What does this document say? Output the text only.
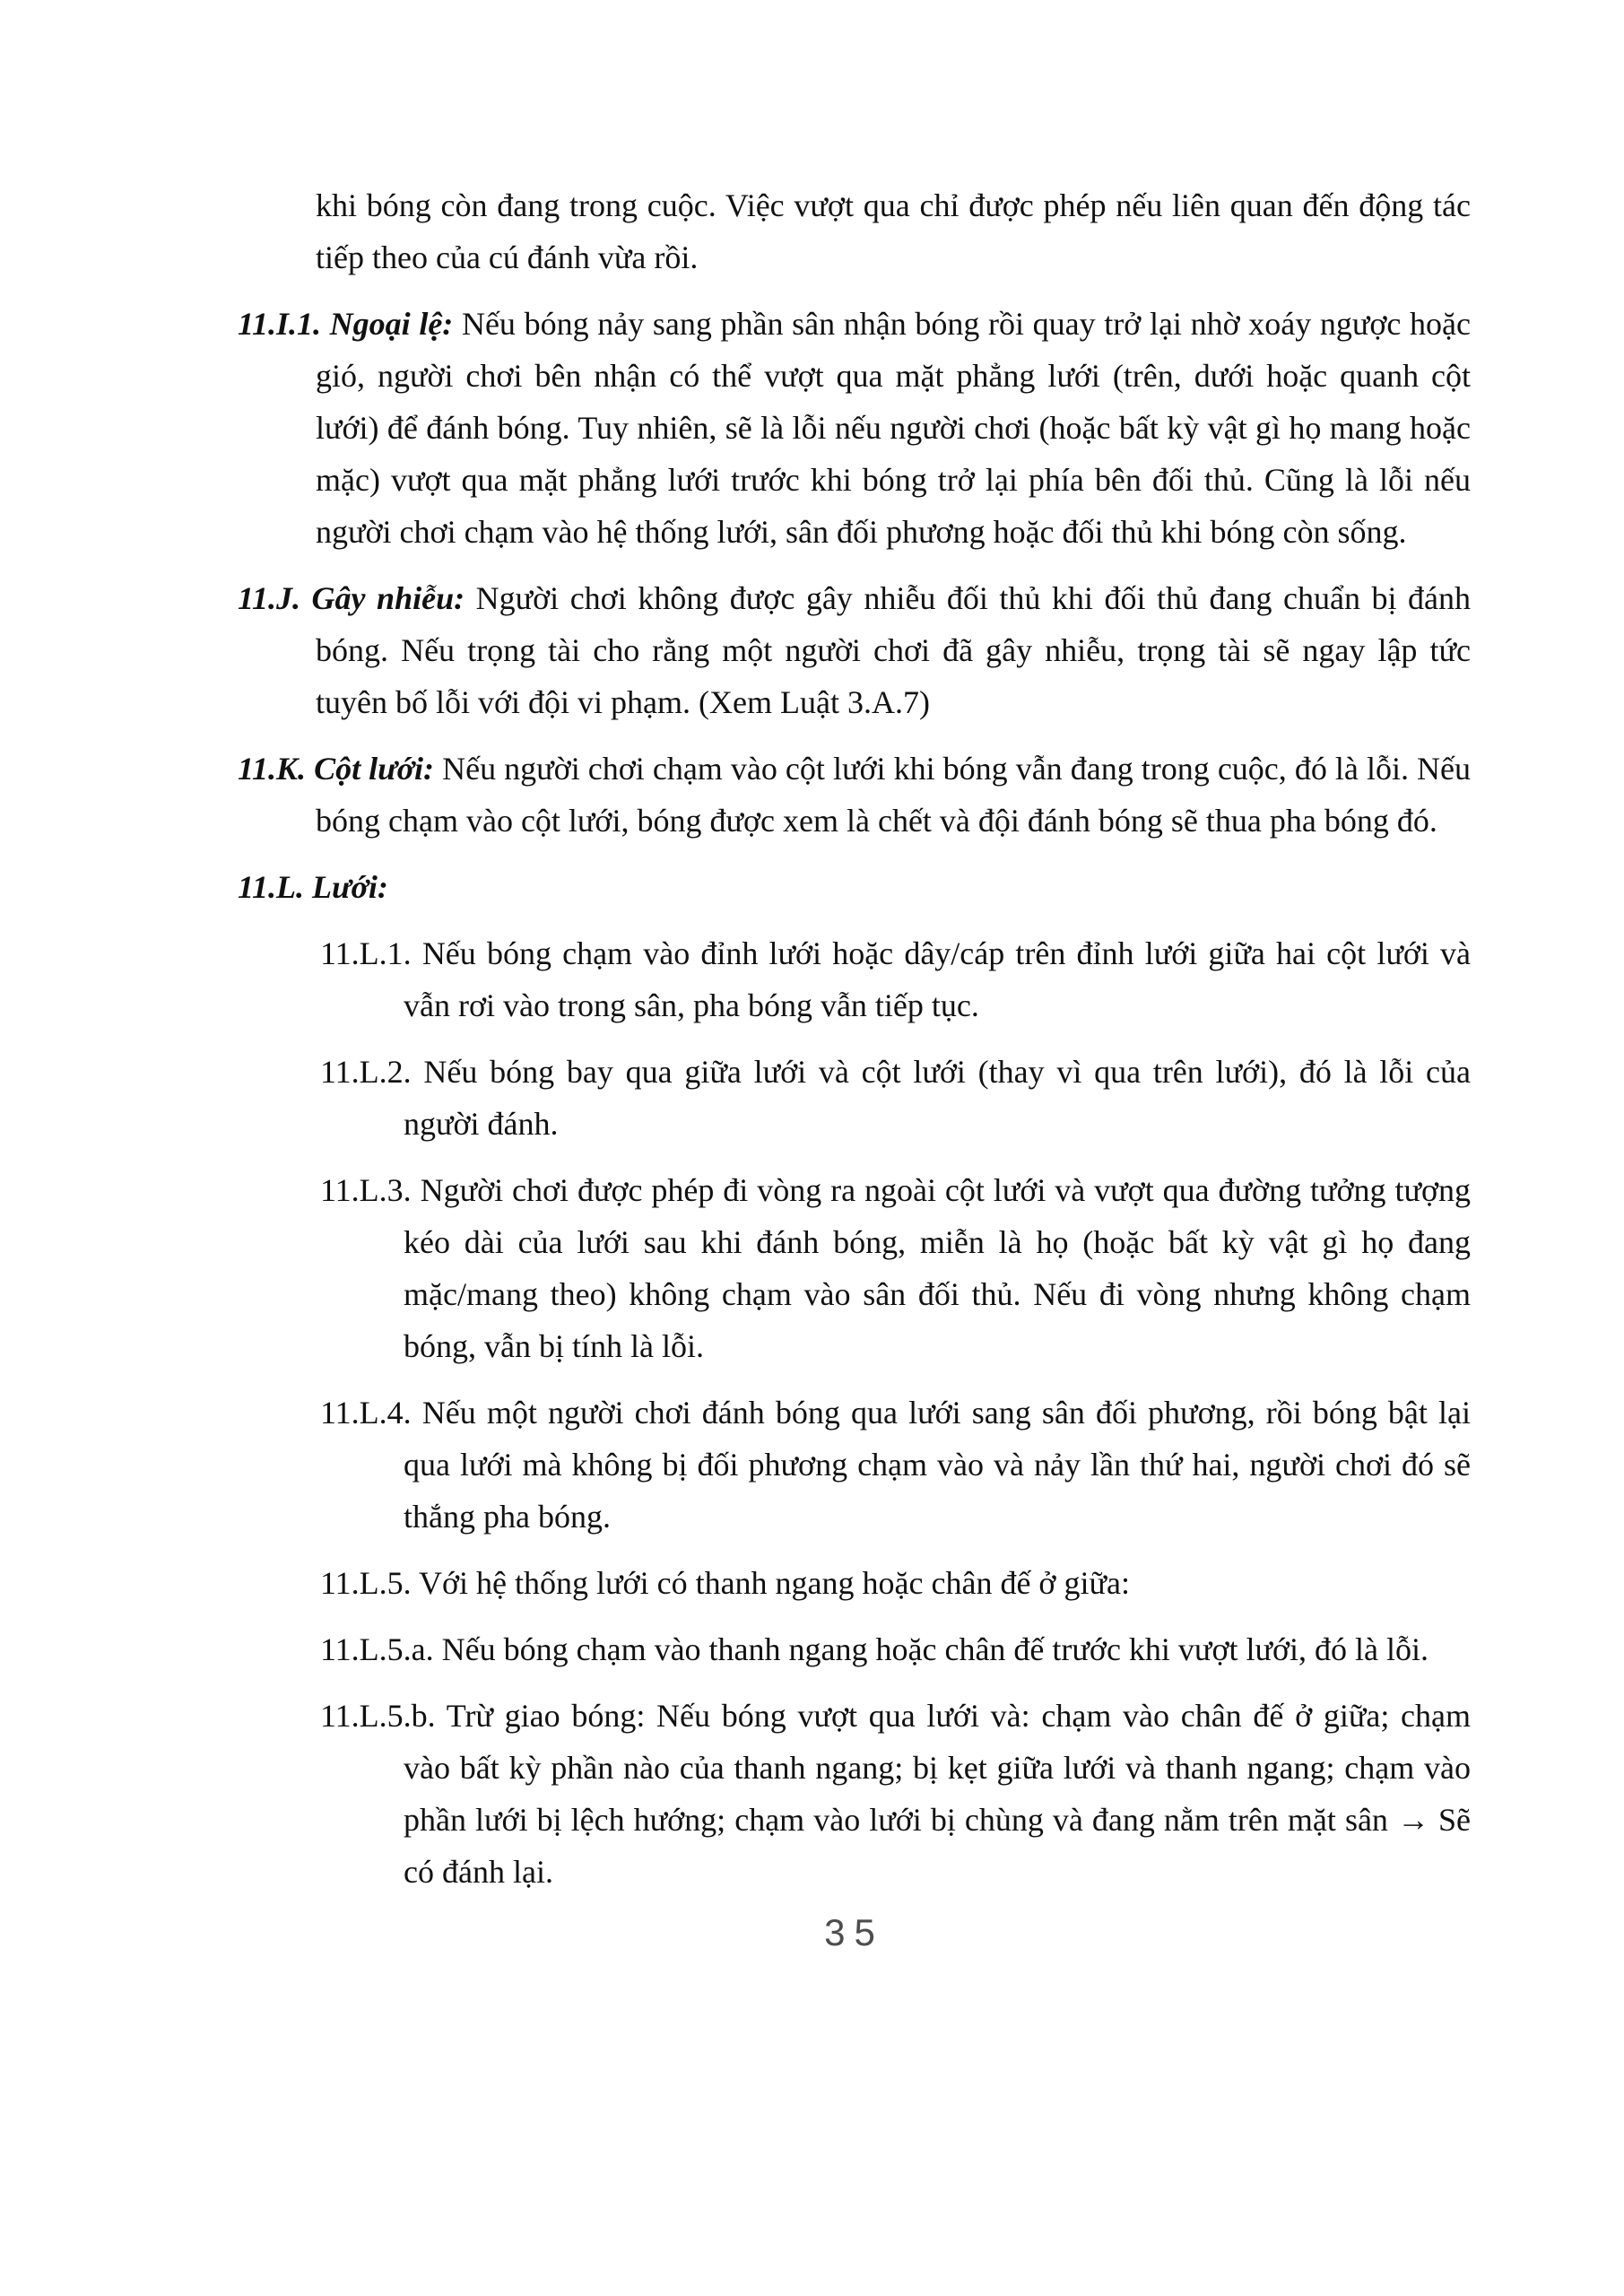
khi bóng còn đang trong cuộc. Việc vượt qua chỉ được phép nếu liên quan đến động tác tiếp theo của cú đánh vừa rồi.

11.I.1. Ngoại lệ: Nếu bóng nảy sang phần sân nhận bóng rồi quay trở lại nhờ xoáy ngược hoặc gió, người chơi bên nhận có thể vượt qua mặt phẳng lưới (trên, dưới hoặc quanh cột lưới) để đánh bóng. Tuy nhiên, sẽ là lỗi nếu người chơi (hoặc bất kỳ vật gì họ mang hoặc mặc) vượt qua mặt phẳng lưới trước khi bóng trở lại phía bên đối thủ. Cũng là lỗi nếu người chơi chạm vào hệ thống lưới, sân đối phương hoặc đối thủ khi bóng còn sống.

11.J. Gây nhiễu: Người chơi không được gây nhiễu đối thủ khi đối thủ đang chuẩn bị đánh bóng. Nếu trọng tài cho rằng một người chơi đã gây nhiễu, trọng tài sẽ ngay lập tức tuyên bố lỗi với đội vi phạm. (Xem Luật 3.A.7)

11.K. Cột lưới: Nếu người chơi chạm vào cột lưới khi bóng vẫn đang trong cuộc, đó là lỗi. Nếu bóng chạm vào cột lưới, bóng được xem là chết và đội đánh bóng sẽ thua pha bóng đó.

11.L. Lưới:

11.L.1. Nếu bóng chạm vào đỉnh lưới hoặc dây/cáp trên đỉnh lưới giữa hai cột lưới và vẫn rơi vào trong sân, pha bóng vẫn tiếp tục.

11.L.2. Nếu bóng bay qua giữa lưới và cột lưới (thay vì qua trên lưới), đó là lỗi của người đánh.

11.L.3. Người chơi được phép đi vòng ra ngoài cột lưới và vượt qua đường tưởng tượng kéo dài của lưới sau khi đánh bóng, miễn là họ (hoặc bất kỳ vật gì họ đang mặc/mang theo) không chạm vào sân đối thủ. Nếu đi vòng nhưng không chạm bóng, vẫn bị tính là lỗi.

11.L.4. Nếu một người chơi đánh bóng qua lưới sang sân đối phương, rồi bóng bật lại qua lưới mà không bị đối phương chạm vào và nảy lần thứ hai, người chơi đó sẽ thắng pha bóng.

11.L.5. Với hệ thống lưới có thanh ngang hoặc chân đế ở giữa:

11.L.5.a. Nếu bóng chạm vào thanh ngang hoặc chân đế trước khi vượt lưới, đó là lỗi.

11.L.5.b. Trừ giao bóng: Nếu bóng vượt qua lưới và: chạm vào chân đế ở giữa; chạm vào bất kỳ phần nào của thanh ngang; bị kẹt giữa lưới và thanh ngang; chạm vào phần lưới bị lệch hướng; chạm vào lưới bị chùng và đang nằm trên mặt sân → Sẽ có đánh lại.

35
